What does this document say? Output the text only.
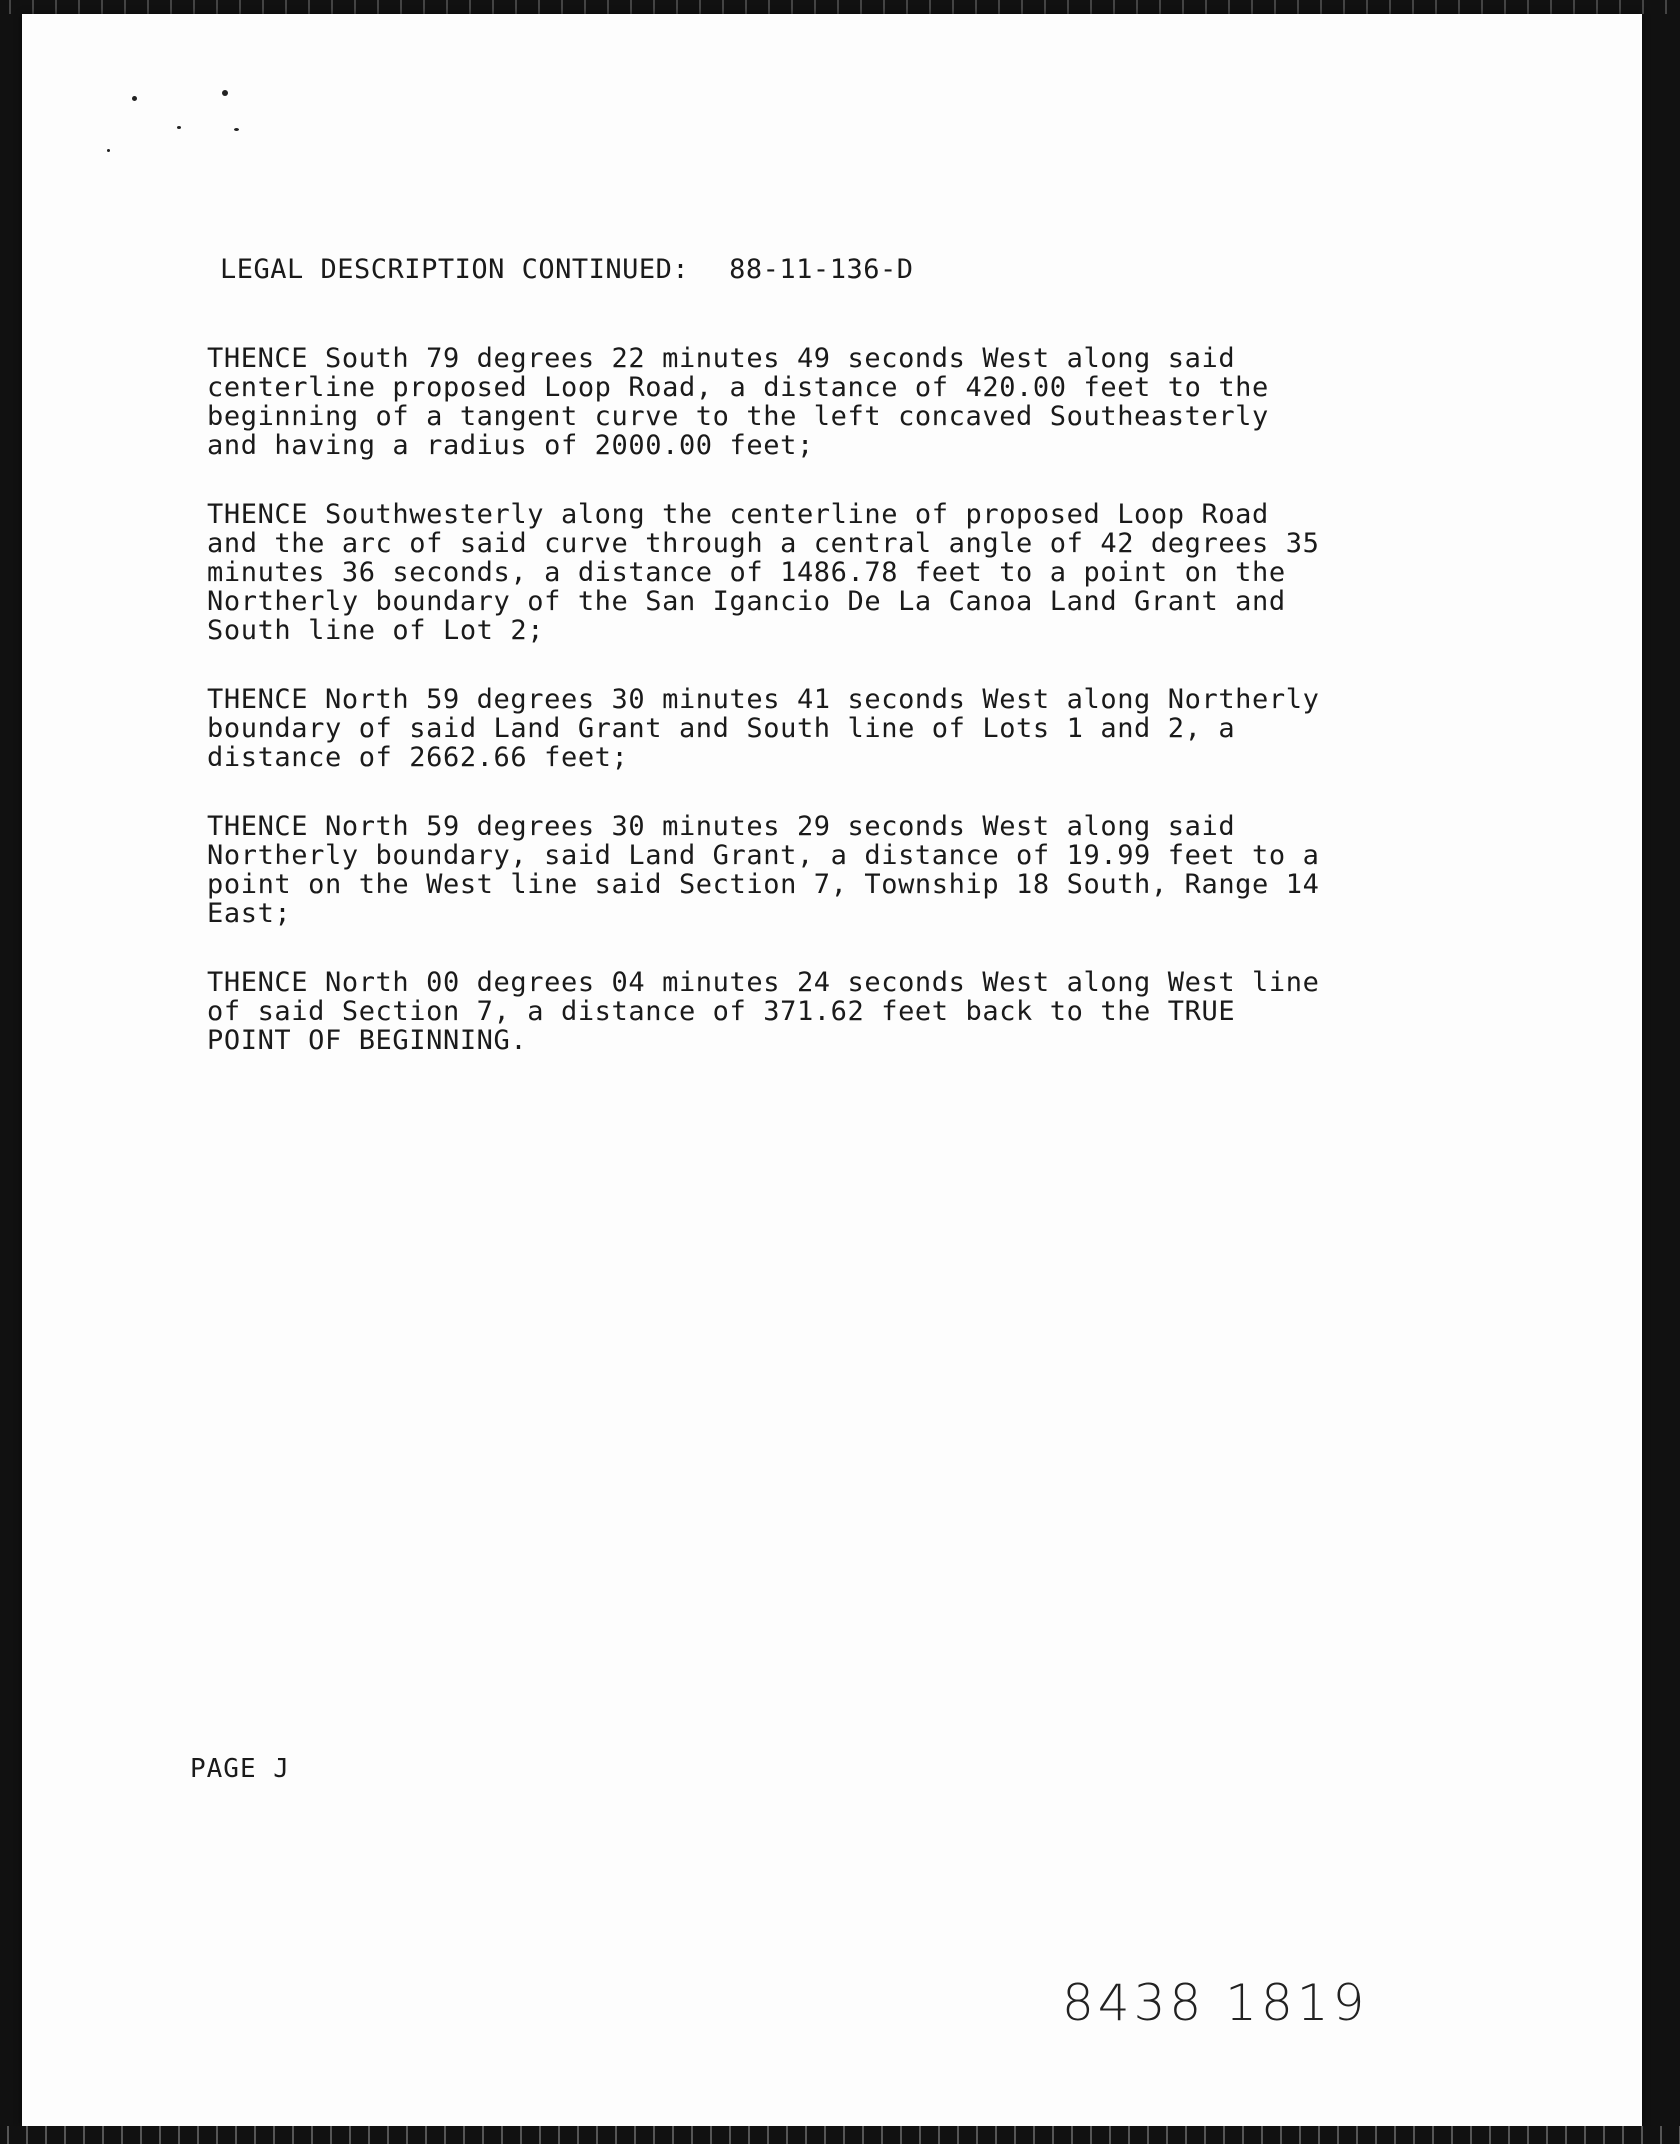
LEGAL DESCRIPTION CONTINUED: 88-11-136-D

THENCE South 79 degrees 22 minutes 49 seconds West along said
centerline proposed Loop Road, a distance of 420.00 feet to the
beginning of a tangent curve to the left concaved Southeasterly
and having a radius of 2000.00 feet;

THENCE Southwesterly along the centerline of proposed Loop Road
and the arc of said curve through a central angle of 42 degrees 35
minutes 36 seconds, a distance of 1486.78 feet to a point on the
Northerly boundary of the San Igancio De La Canoa Land Grant and
South line of Lot 2;

THENCE North 59 degrees 30 minutes 41 seconds West along Northerly
boundary of said Land Grant and South line of Lots 1 and 2, a
distance of 2662.66 feet;

THENCE North 59 degrees 30 minutes 29 seconds West along said
Northerly boundary, said Land Grant, a distance of 19.99 feet to a
point on the West line said Section 7, Township 18 South, Range 14
East;

THENCE North 00 degrees 04 minutes 24 seconds West along West line
of said Section 7, a distance of 371.62 feet back to the TRUE
POINT OF BEGINNING.

PAGE J
8438 1819
